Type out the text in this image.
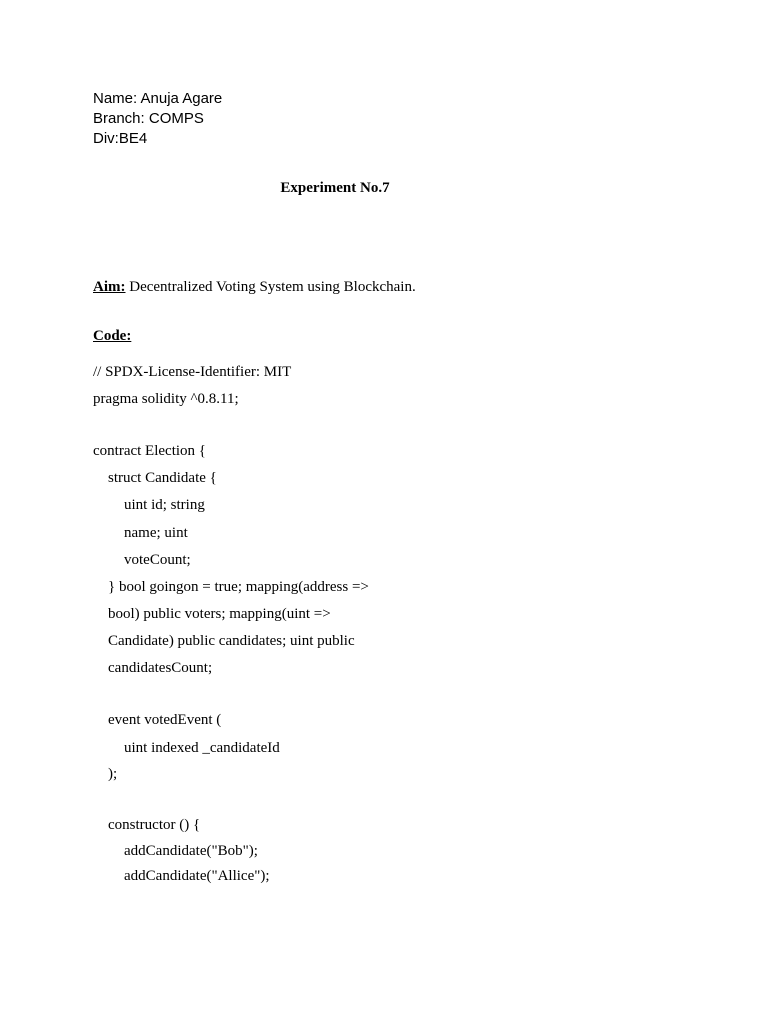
Name: Anuja Agare
Branch: COMPS
Div:BE4
Experiment No.7
Aim: Decentralized Voting System using Blockchain.
Code:
// SPDX-License-Identifier: MIT
pragma solidity ^0.8.11;
contract Election {
struct Candidate {
uint id; string
name; uint
voteCount;
} bool goingon = true; mapping(address =>
bool) public voters; mapping(uint =>
Candidate) public candidates; uint public
candidatesCount;
event votedEvent (
uint indexed _candidateId
);
constructor () {
addCandidate("Bob");
addCandidate("Allice");
